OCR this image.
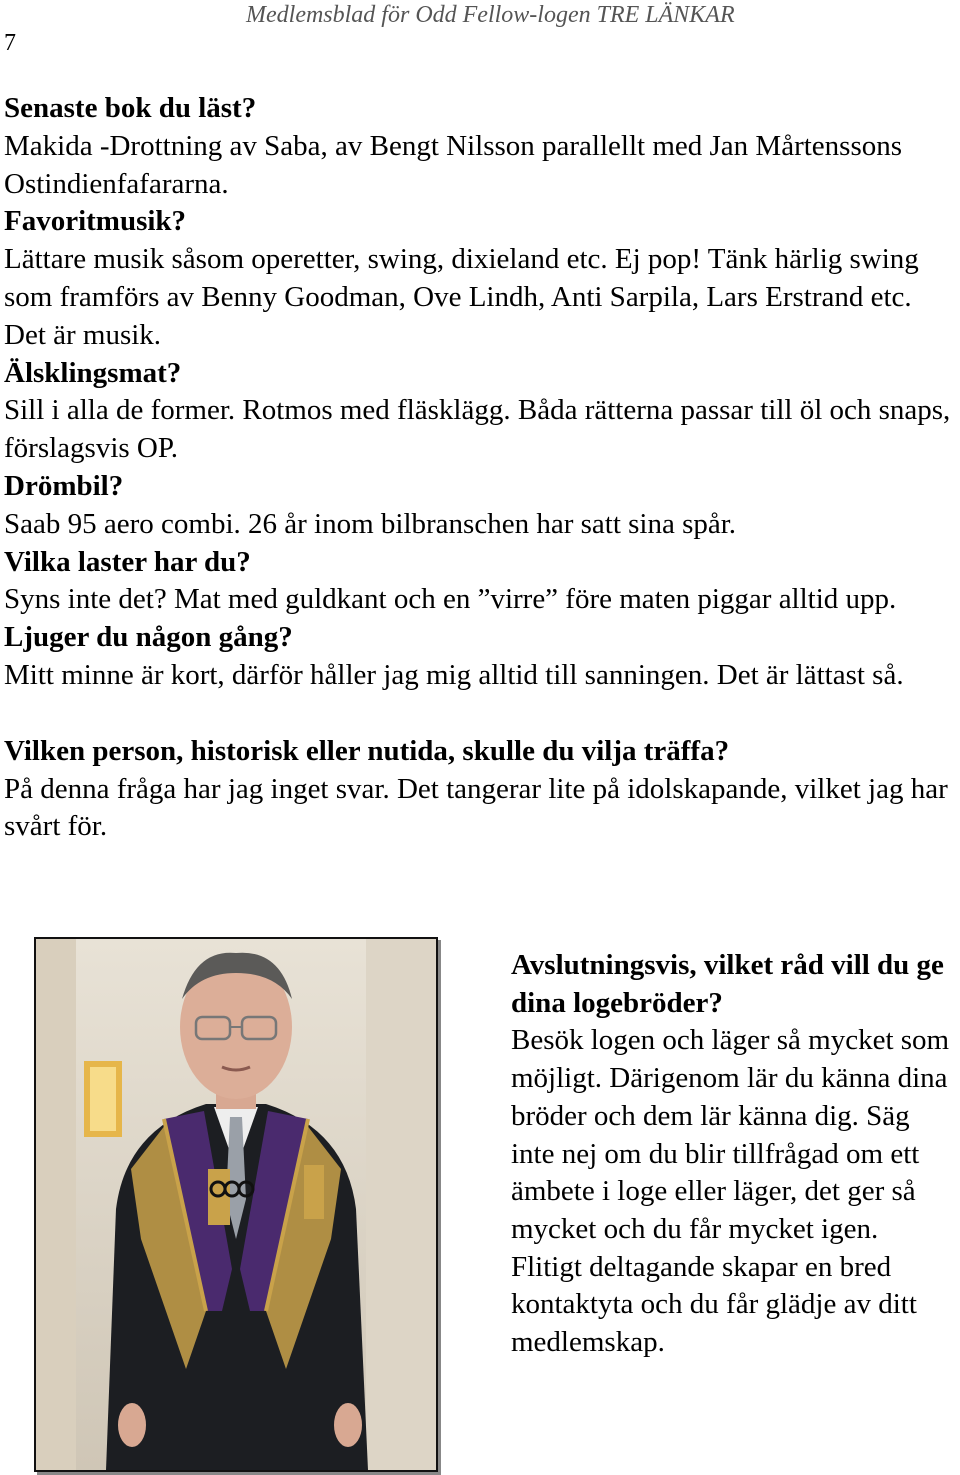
7
Medlemsblad för Odd Fellow-logen TRE LÄNKAR

Senaste bok du läst?

Makida -Drottning av Saba, av Bengt Nilsson parallellt med Jan Mårtenssons Ostindienfafararna.

Favoritmusik?

Lättare musik såsom operetter, swing, dixieland etc. Ej pop! Tänk härlig swing som framförs av Benny Goodman, Ove Lindh, Anti Sarpila, Lars Erstrand etc. Det är musik.

Älsklingsmat?

Sill i alla de former. Rotmos med fläsklägg. Båda rätterna passar till öl och snaps, förslagsvis OP.

Drömbil?

Saab 95 aero combi. 26 år inom bilbranschen har satt sina spår.

Vilka laster har du?

Syns inte det? Mat med guldkant och en ”virre” före maten piggar alltid upp.

Ljuger du någon gång?

Mitt minne är kort, därför håller jag mig alltid till sanningen. Det är lättast så.

Vilken person, historisk eller nutida, skulle du vilja träffa?

På denna fråga har jag inget svar. Det tangerar lite på idolskapande, vilket jag har svårt för.

Avslutningsvis, vilket råd vill du ge dina logebröder?

Besök logen och läger så mycket som möjligt. Därigenom lär du känna dina bröder och dem lär känna dig. Säg inte nej om du blir tillfrågad om ett ämbete i loge eller läger, det ger så mycket och du får mycket igen. Flitigt deltagande skapar en bred kontaktyta och du får glädje av ditt medlemskap.
